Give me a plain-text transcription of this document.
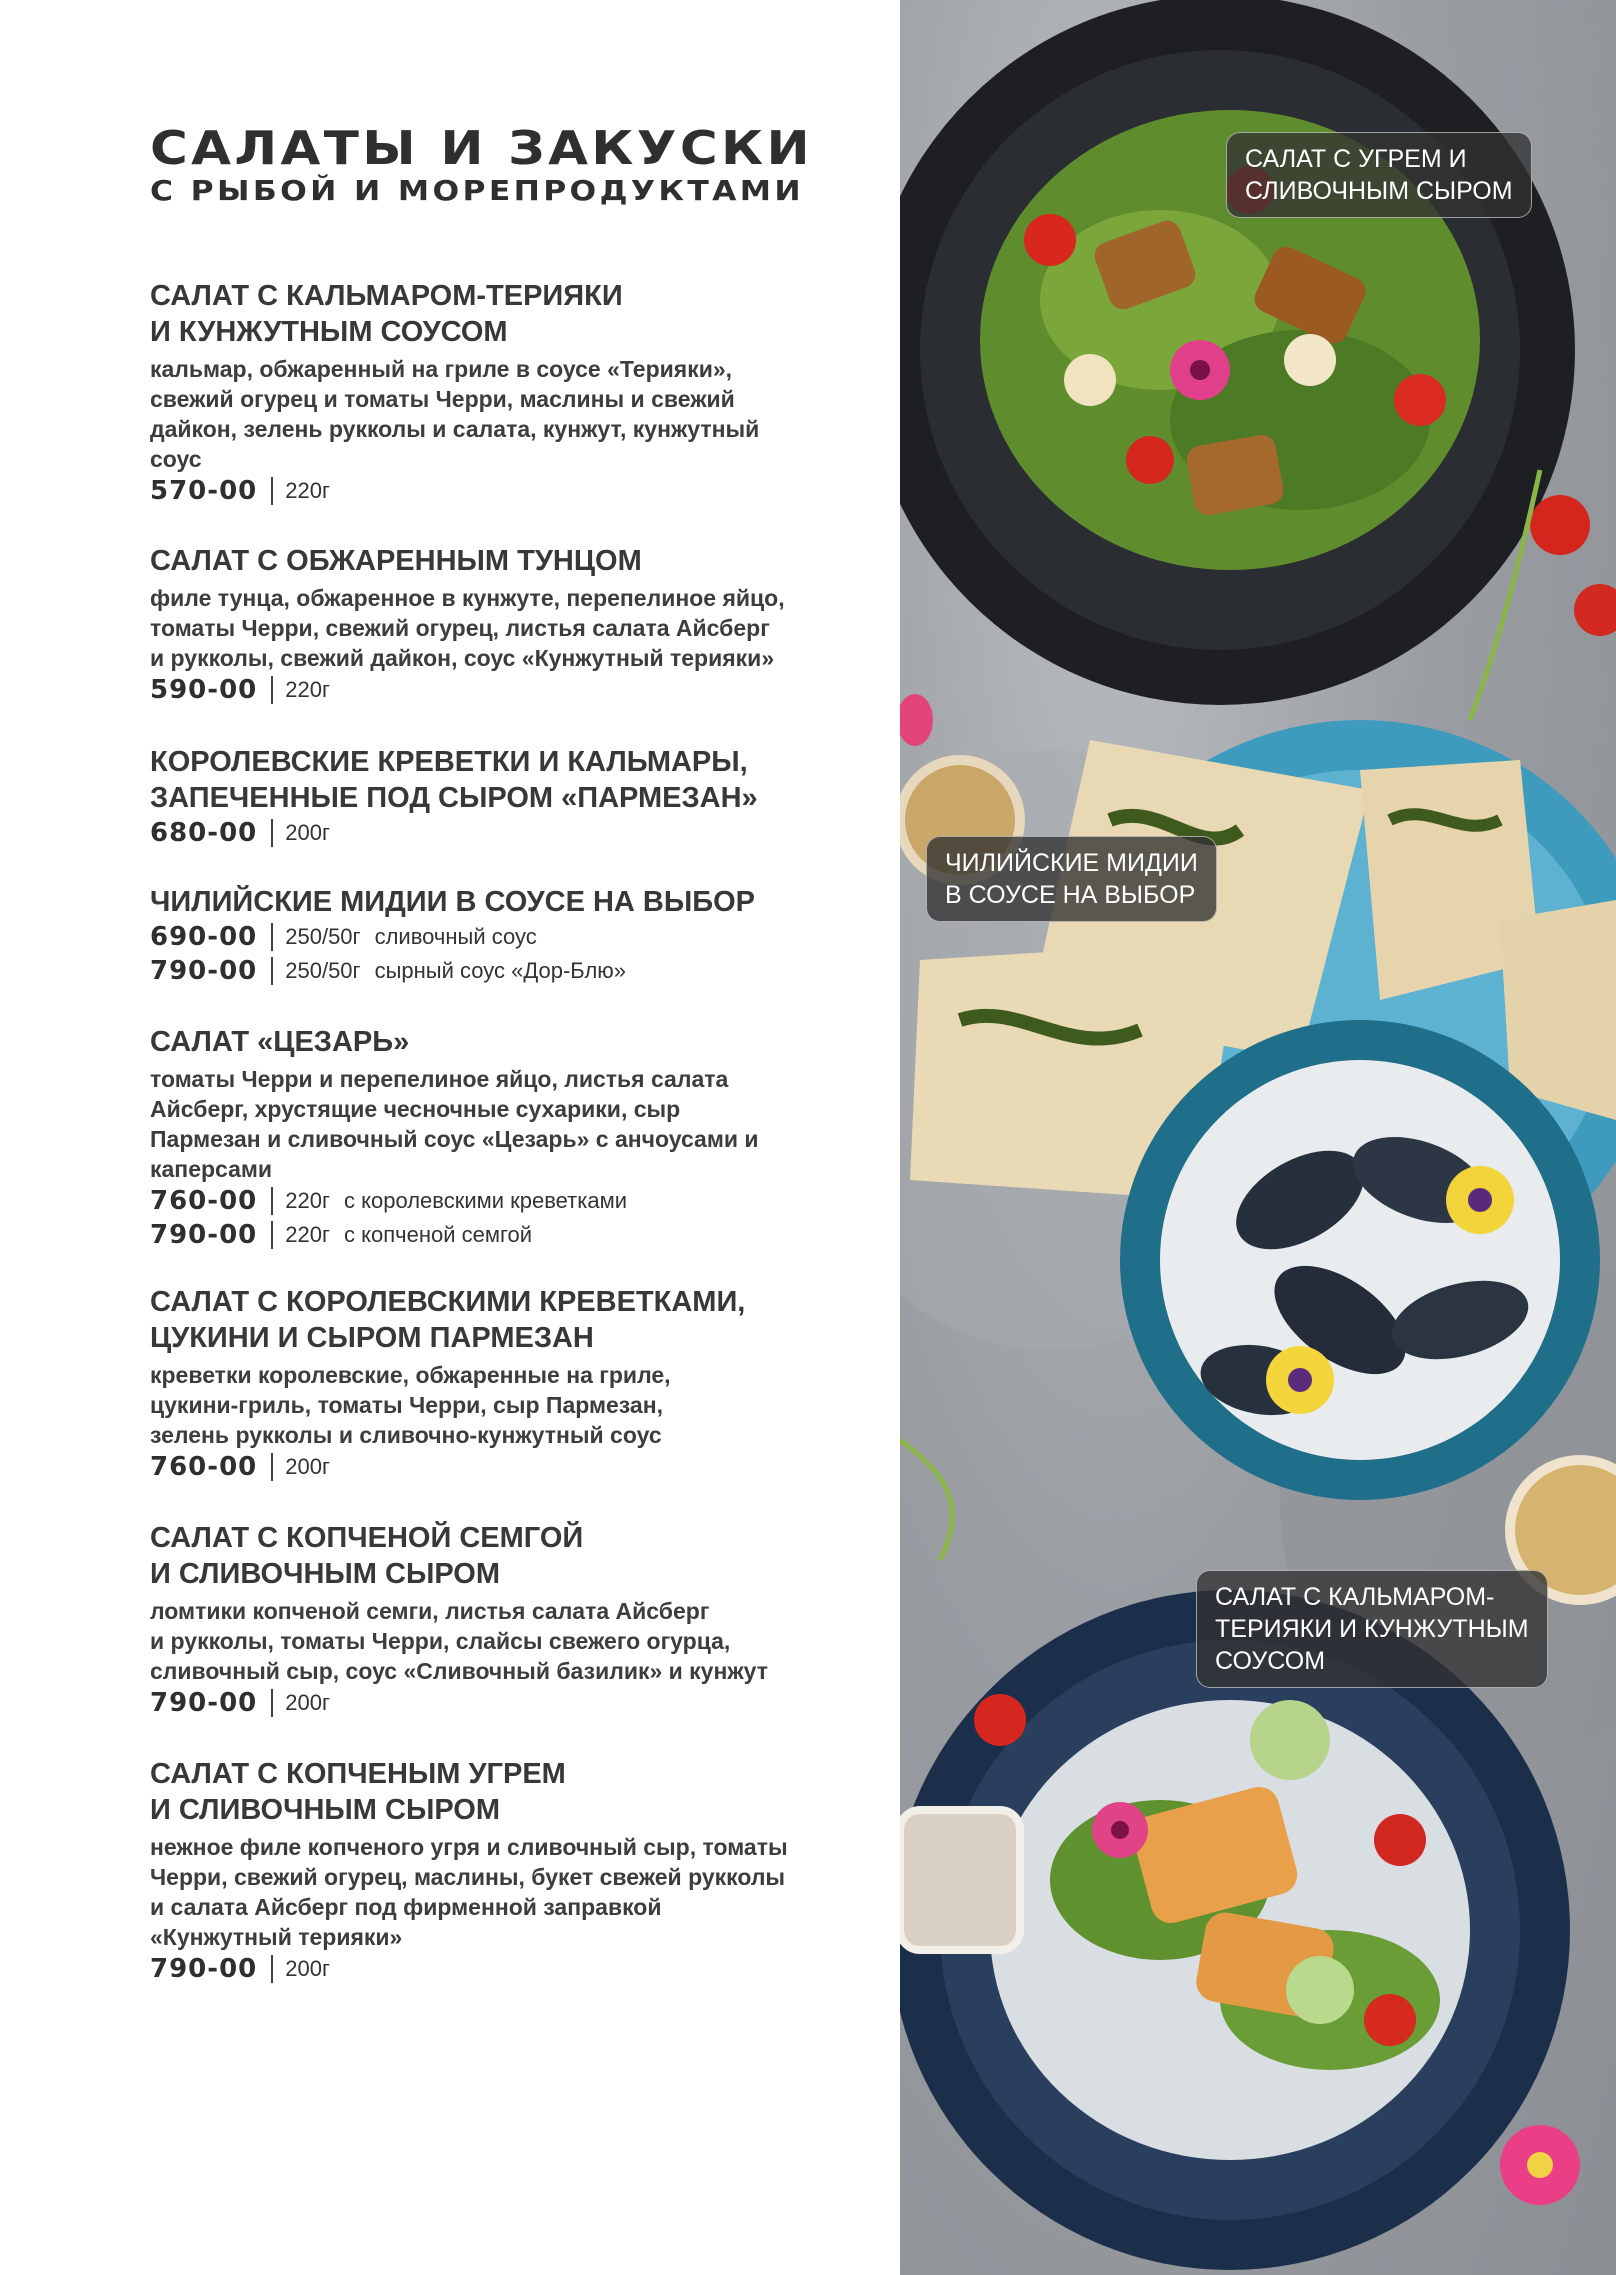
САЛАТЫ И ЗАКУСКИ
С РЫБОЙ И МОРЕПРОДУКТАМИ
САЛАТ С КАЛЬМАРОМ-ТЕРИЯКИ
И КУНЖУТНЫМ СОУСОМ
кальмар, обжаренный на гриле в соусе «Терияки»,
свежий огурец и томаты Черри, маслины и свежий
дайкон, зелень рукколы и салата, кунжут, кунжутный
соус
570-00 220г
САЛАТ С ОБЖАРЕННЫМ ТУНЦОМ
филе тунца, обжаренное в кунжуте, перепелиное яйцо,
томаты Черри, свежий огурец, листья салата Айсберг
и рукколы, свежий дайкон, соус «Кунжутный терияки»
590-00 220г
КОРОЛЕВСКИЕ КРЕВЕТКИ И КАЛЬМАРЫ,
ЗАПЕЧЕННЫЕ ПОД СЫРОМ «ПАРМЕЗАН»
680-00 200г
ЧИЛИЙСКИЕ МИДИИ В СОУСЕ НА ВЫБОР
690-00 250/50г сливочный соус
790-00 250/50г сырный соус «Дор-Блю»
САЛАТ «ЦЕЗАРЬ»
томаты Черри и перепелиное яйцо, листья салата
Айсберг, хрустящие чесночные сухарики, сыр
Пармезан и сливочный соус «Цезарь» с анчоусами и
каперсами
760-00 220г с королевскими креветками
790-00 220г с копченой семгой
САЛАТ С КОРОЛЕВСКИМИ КРЕВЕТКАМИ,
ЦУКИНИ И СЫРОМ ПАРМЕЗАН
креветки королевские, обжаренные на гриле,
цукини-гриль, томаты Черри, сыр Пармезан,
зелень рукколы и сливочно-кунжутный соус
760-00 200г
САЛАТ С КОПЧЕНОЙ СЕМГОЙ
И СЛИВОЧНЫМ СЫРОМ
ломтики копченой семги, листья салата Айсберг
и рукколы, томаты Черри, слайсы свежего огурца,
сливочный сыр, соус «Сливочный базилик» и кунжут
790-00 200г
САЛАТ С КОПЧЕНЫМ УГРЕМ
И СЛИВОЧНЫМ СЫРОМ
нежное филе копченого угря и сливочный сыр, томаты
Черри, свежий огурец, маслины, букет свежей рукколы
и салата Айсберг под фирменной заправкой
«Кунжутный терияки»
790-00 200г
САЛАТ С УГРЕМ И
СЛИВОЧНЫМ СЫРОМ
ЧИЛИЙСКИЕ МИДИИ
В СОУСЕ НА ВЫБОР
САЛАТ С КАЛЬМАРОМ-
ТЕРИЯКИ И КУНЖУТНЫМ
СОУСОМ
